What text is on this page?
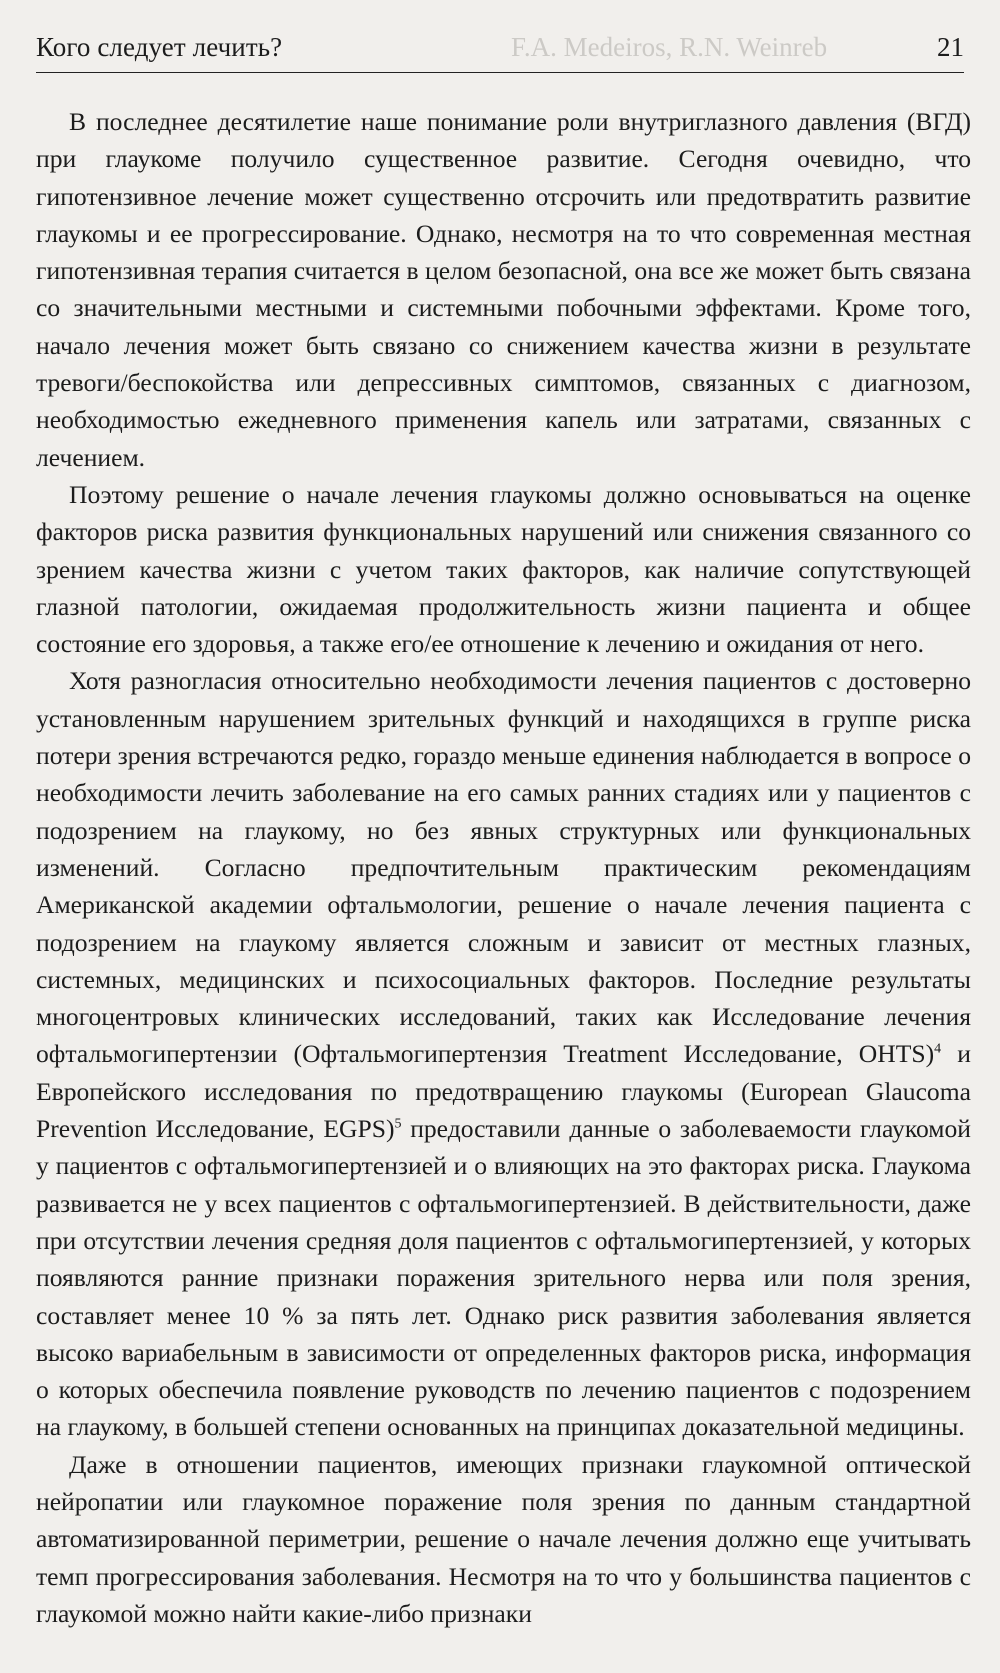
Кого следует лечить?	F.A. Medeiros, R.N. Weinreb	21

В последнее десятилетие наше понимание роли внутриглазного давления (ВГД) при глаукоме получило существенное развитие. Сегодня очевидно, что гипотензивное лечение может существенно отсрочить или предотвратить развитие глаукомы и ее прогрессирование. Однако, несмотря на то что современная местная гипотензивная терапия считается в целом безопасной, она все же может быть связана со значительными местными и системными побочными эффектами. Кроме того, начало лечения может быть связано со снижением качества жизни в результате тревоги/беспокойства или депрессивных симптомов, связанных с диагнозом, необходимостью ежедневного применения капель или затратами, связанных с лечением.

Поэтому решение о начале лечения глаукомы должно основываться на оценке факторов риска развития функциональных нарушений или снижения связанного со зрением качества жизни с учетом таких факторов, как наличие сопутствующей глазной патологии, ожидаемая продолжительность жизни пациента и общее состояние его здоровья, а также его/ее отношение к лечению и ожидания от него.

Хотя разногласия относительно необходимости лечения пациентов с достоверно установленным нарушением зрительных функций и находящихся в группе риска потери зрения встречаются редко, гораздо меньше единения наблюдается в вопросе о необходимости лечить заболевание на его самых ранних стадиях или у пациентов с подозрением на глаукому, но без явных структурных или функциональных изменений. Согласно предпочтительным практическим рекомендациям Американской академии офтальмологии, решение о начале лечения пациента с подозрением на глаукому является сложным и зависит от местных глазных, системных, медицинских и психосоциальных факторов. Последние результаты многоцентровых клинических исследований, таких как Исследование лечения офтальмогипертензии (Офтальмогипертензия Treatment Исследование, OHTS)$^4$ и Европейского исследования по предотвращению глаукомы (European Glaucoma Prevention Исследование, EGPS)$^5$ предоставили данные о заболеваемости глаукомой у пациентов с офтальмогипертензией и о влияющих на это факторах риска. Глаукома развивается не у всех пациентов с офтальмогипертензией. В действительности, даже при отсутствии лечения средняя доля пациентов с офтальмогипертензией, у которых появляются ранние признаки поражения зрительного нерва или поля зрения, составляет менее 10 % за пять лет. Однако риск развития заболевания является высоко вариабельным в зависимости от определенных факторов риска, информация о которых обеспечила появление руководств по лечению пациентов с подозрением на глаукому, в большей степени основанных на принципах доказательной медицины.

Даже в отношении пациентов, имеющих признаки глаукомной оптической нейропатии или глаукомное поражение поля зрения по данным стандартной автоматизированной периметрии, решение о начале лечения должно еще учитывать темп прогрессирования заболевания. Несмотря на то что у большинства пациентов с глаукомой можно найти какие-либо признаки
